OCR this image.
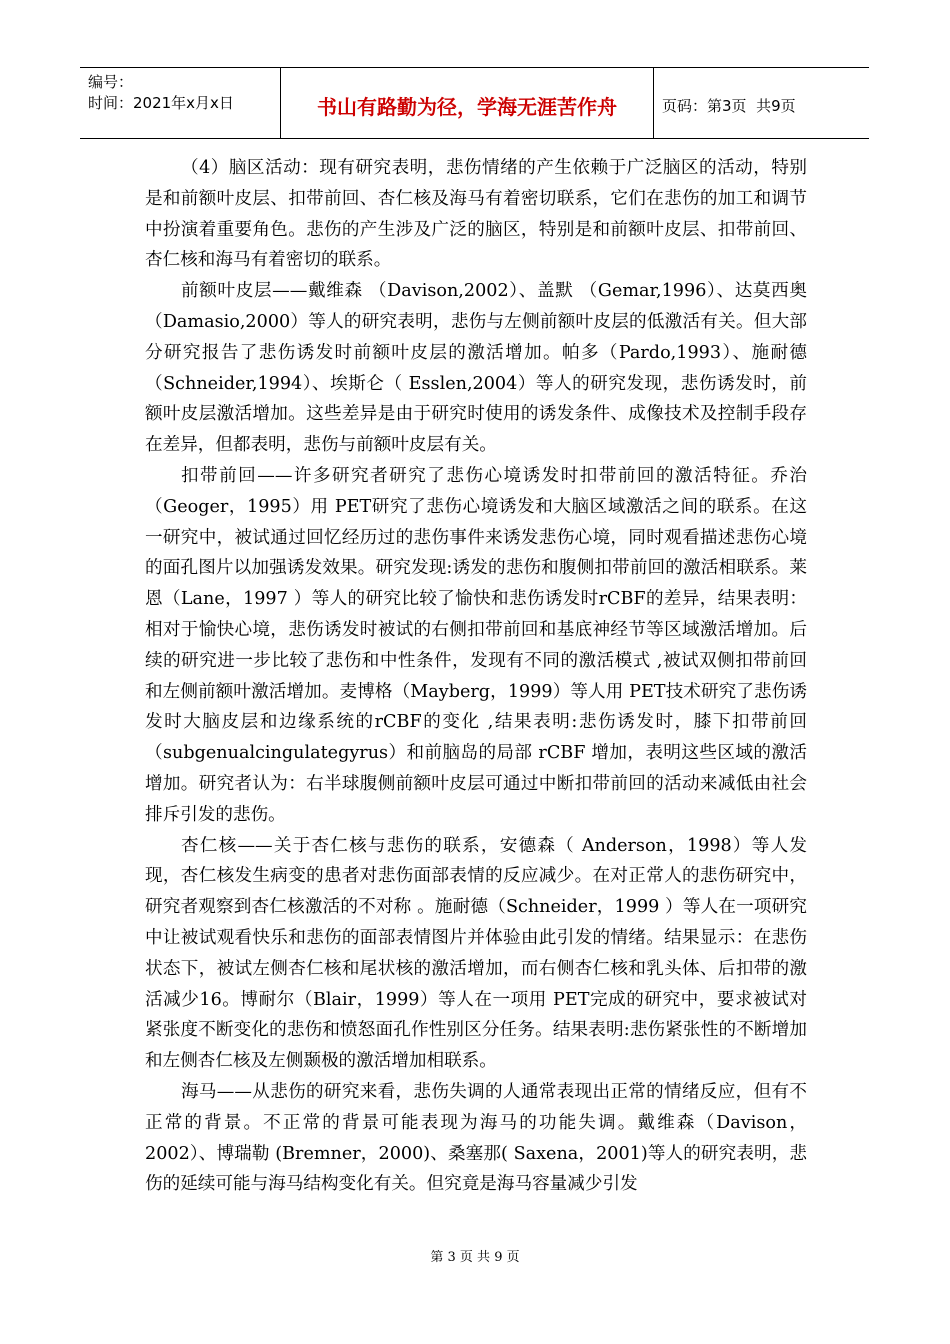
编号：
时间：2021年x月x日	书山有路勤为径，学海无涯苦作舟	页码：第3页  共9页

（4）脑区活动：现有研究表明，悲伤情绪的产生依赖于广泛脑区的活动，特别是和前额叶皮层、扣带前回、杏仁核及海马有着密切联系，它们在悲伤的加工和调节中扮演着重要角色。悲伤的产生涉及广泛的脑区，特别是和前额叶皮层、扣带前回、杏仁核和海马有着密切的联系。

前额叶皮层——戴维森 （Davison,2002）、盖默 （Gemar,1996）、达莫西奥 （Damasio,2000）等人的研究表明，悲伤与左侧前额叶皮层的低激活有关。但大部分研究报告了悲伤诱发时前额叶皮层的激活增加。帕多（Pardo,1993）、施耐德 （Schneider,1994）、埃斯仑（ Esslen,2004）等人的研究发现，悲伤诱发时，前额叶皮层激活增加。这些差异是由于研究时使用的诱发条件、成像技术及控制手段存在差异，但都表明，悲伤与前额叶皮层有关。

扣带前回——许多研究者研究了悲伤心境诱发时扣带前回的激活特征。乔治 （Geoger，1995）用 PET研究了悲伤心境诱发和大脑区域激活之间的联系。在这一研究中，被试通过回忆经历过的悲伤事件来诱发悲伤心境，同时观看描述悲伤心境的面孔图片以加强诱发效果。研究发现:诱发的悲伤和腹侧扣带前回的激活相联系。莱恩（Lane，1997 ）等人的研究比较了愉快和悲伤诱发时rCBF的差异，结果表明：相对于愉快心境，悲伤诱发时被试的右侧扣带前回和基底神经节等区域激活增加。后续的研究进一步比较了悲伤和中性条件，发现有不同的激活模式 ,被试双侧扣带前回和左侧前额叶激活增加。麦博格（Mayberg，1999）等人用 PET技术研究了悲伤诱发时大脑皮层和边缘系统的rCBF的变化 ,结果表明:悲伤诱发时，膝下扣带前回（subgenualcingulategyrus）和前脑岛的局部 rCBF 增加，表明这些区域的激活增加。研究者认为：右半球腹侧前额叶皮层可通过中断扣带前回的活动来减低由社会排斥引发的悲伤。

杏仁核——关于杏仁核与悲伤的联系，安德森（ Anderson，1998）等人发现，杏仁核发生病变的患者对悲伤面部表情的反应减少。在对正常人的悲伤研究中，研究者观察到杏仁核激活的不对称 。施耐德（Schneider，1999 ）等人在一项研究中让被试观看快乐和悲伤的面部表情图片并体验由此引发的情绪。结果显示：在悲伤状态下，被试左侧杏仁核和尾状核的激活增加，而右侧杏仁核和乳头体、后扣带的激活减少16。博耐尔（Blair，1999）等人在一项用 PET完成的研究中，要求被试对紧张度不断变化的悲伤和愤怒面孔作性别区分任务。结果表明:悲伤紧张性的不断增加和左侧杏仁核及左侧颞极的激活增加相联系。

海马——从悲伤的研究来看，悲伤失调的人通常表现出正常的情绪反应，但有不正常的背景。不正常的背景可能表现为海马的功能失调。戴维森（Davison，2002）、博瑞勒 (Bremner，2000)、桑塞那( Saxena，2001)等人的研究表明，悲伤的延续可能与海马结构变化有关。但究竟是海马容量减少引发

第 3 页 共 9 页
